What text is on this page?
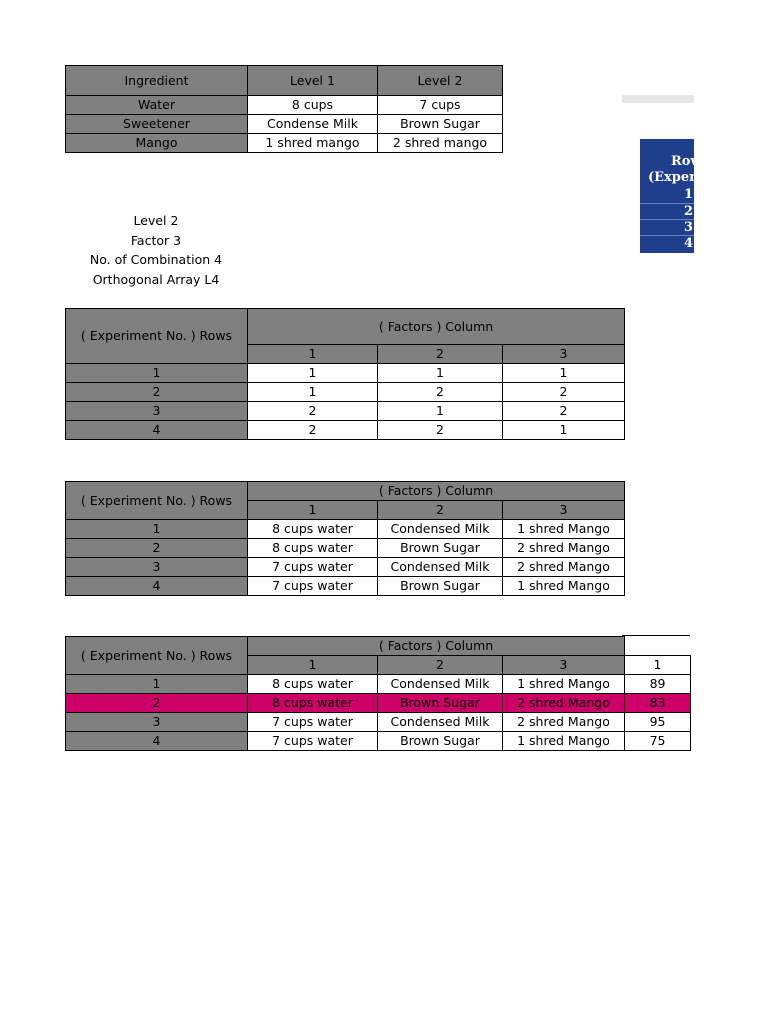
Ingredient	Level 1	Level 2
Water	8 cups	7 cups
Sweetener	Condense Milk	Brown Sugar
Mango	1 shred mango	2 shred mango
Row
(Experin
1
2
3
4
Level 2
Factor 3
No. of Combination 4
Orthogonal Array L4
( Experiment No. ) Rows	( Factors ) Column		
	1	2	3
1	1	1	1
2	1	2	2
3	2	1	2
4	2	2	1
( Experiment No. ) Rows	( Factors ) Column		
	1	2	3
1	8 cups water	Condensed Milk	1 shred Mango
2	8 cups water	Brown Sugar	2 shred Mango
3	7 cups water	Condensed Milk	2 shred Mango
4	7 cups water	Brown Sugar	1 shred Mango
( Experiment No. ) Rows	( Factors ) Column			
	1	2	3	1
1	8 cups water	Condensed Milk	1 shred Mango	89
2	8 cups water	Brown Sugar	2 shred Mango	83
3	7 cups water	Condensed Milk	2 shred Mango	95
4	7 cups water	Brown Sugar	1 shred Mango	75
